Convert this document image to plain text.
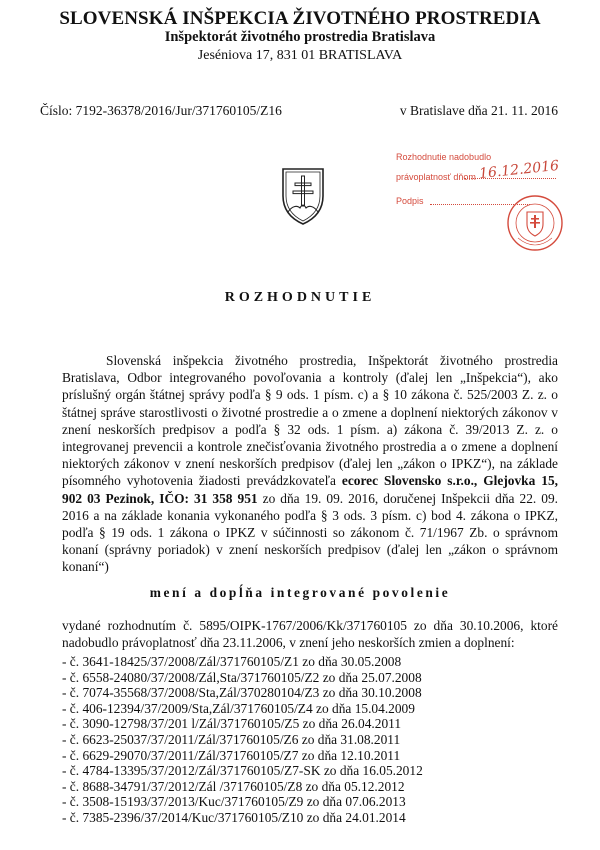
SLOVENSKÁ INŠPEKCIA ŽIVOTNÉHO PROSTREDIA
Inšpektorát životného prostredia Bratislava
Jeséniova 17, 831 01 BRATISLAVA
Číslo: 7192-36378/2016/Jur/371760105/Z16	v Bratislave dňa 21. 11. 2016
Rozhodnutie nadobudlo
právoplatnosť dňom 16.12.2016
Podpis
ROZHODNUTIE
Slovenská inšpekcia životného prostredia, Inšpektorát životného prostredia Bratislava, Odbor integrovaného povoľovania a kontroly (ďalej len „Inšpekcia“), ako príslušný orgán štátnej správy podľa § 9 ods. 1 písm. c) a § 10 zákona č. 525/2003 Z. z. o štátnej správe starostlivosti o životné prostredie a o zmene a doplnení niektorých zákonov v znení neskorších predpisov a podľa § 32 ods. 1 písm. a) zákona č. 39/2013 Z. z. o integrovanej prevencii a kontrole znečisťovania životného prostredia a o zmene a doplnení niektorých zákonov v znení neskorších predpisov (ďalej len „zákon o IPKZ“), na základe písomného vyhotovenia žiadosti prevádzkovateľa ecorec Slovensko s.r.o., Glejovka 15, 902 03 Pezinok, IČO: 31 358 951 zo dňa 19. 09. 2016, doručenej Inšpekcii dňa 22. 09. 2016 a na základe konania vykonaného podľa § 3 ods. 3 písm. c) bod 4. zákona o IPKZ, podľa § 19 ods. 1 zákona o IPKZ v súčinnosti so zákonom č. 71/1967 Zb. o správnom konaní (správny poriadok) v znení neskorších predpisov (ďalej len „zákon o správnom konaní“)
mení a dopĺňa integrované povolenie
vydané rozhodnutím č. 5895/OIPK-1767/2006/Kk/371760105 zo dňa 30.10.2006, ktoré nadobudlo právoplatnosť dňa 23.11.2006, v znení jeho neskorších zmien a doplnení:
- č. 3641-18425/37/2008/Zál/371760105/Z1 zo dňa 30.05.2008
- č. 6558-24080/37/2008/Zál,Sta/371760105/Z2 zo dňa 25.07.2008
- č. 7074-35568/37/2008/Sta,Zál/370280104/Z3 zo dňa 30.10.2008
- č. 406-12394/37/2009/Sta,Zál/371760105/Z4 zo dňa 15.04.2009
- č. 3090-12798/37/201 l/Zál/371760105/Z5 zo dňa 26.04.2011
- č. 6623-25037/37/2011/Zál/371760105/Z6 zo dňa 31.08.2011
- č. 6629-29070/37/2011/Zál/371760105/Z7 zo dňa 12.10.2011
- č. 4784-13395/37/2012/Zál/371760105/Z7-SK zo dňa 16.05.2012
- č. 8688-34791/37/2012/Zál /371760105/Z8 zo dňa 05.12.2012
- č. 3508-15193/37/2013/Kuc/371760105/Z9 zo dňa 07.06.2013
- č. 7385-2396/37/2014/Kuc/371760105/Z10 zo dňa 24.01.2014
